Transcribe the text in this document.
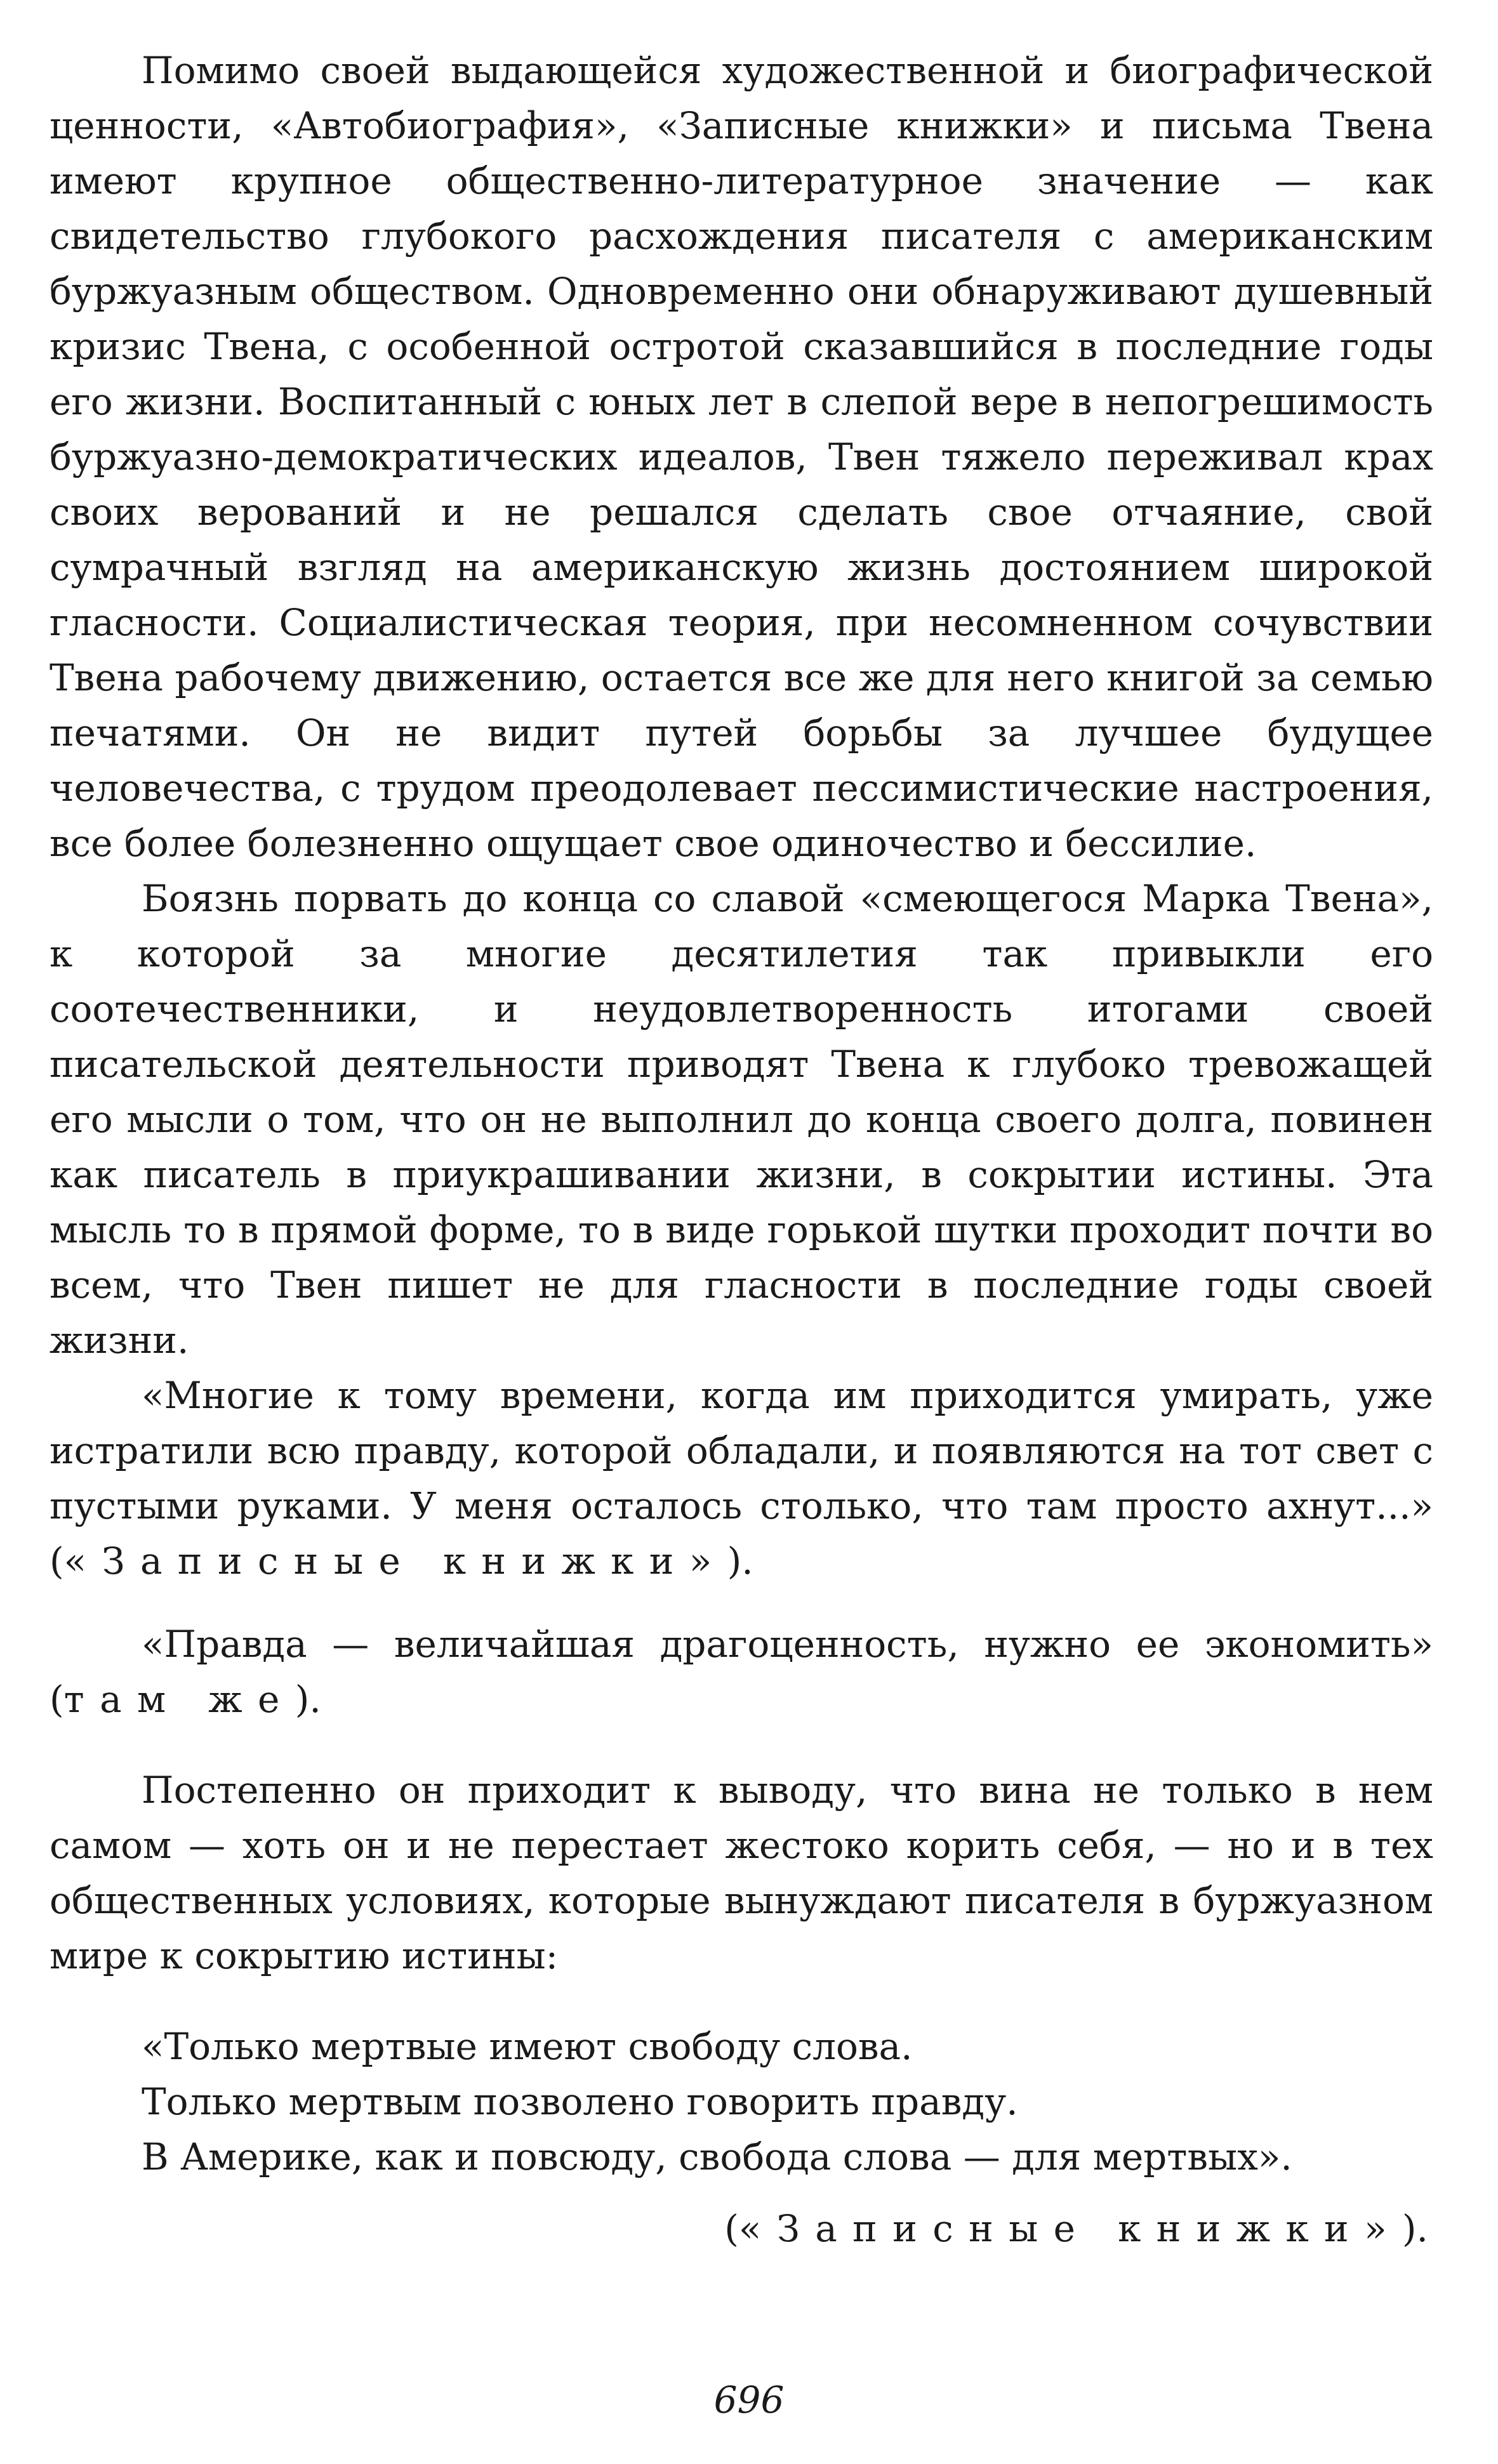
Помимо своей выдающейся художественной и биографической ценности, «Автобиография», «Записные книжки» и письма Твена имеют крупное общественно-литературное значение — как свидетельство глубокого расхождения писателя с американским буржуазным обществом. Одновременно они обнаруживают душевный кризис Твена, с особенной остротой сказавшийся в последние годы его жизни. Воспитанный с юных лет в слепой вере в непогрешимость буржуазно-демократических идеалов, Твен тяжело переживал крах своих верований и не решался сделать свое отчаяние, свой сумрачный взгляд на американскую жизнь достоянием широкой гласности. Социалистическая теория, при несомненном сочувствии Твена рабочему движению, остается все же для него книгой за семью печатями. Он не видит путей борьбы за лучшее будущее человечества, с трудом преодолевает пессимистические настроения, все более болезненно ощущает свое одиночество и бессилие.

Боязнь порвать до конца со славой «смеющегося Марка Твена», к которой за многие десятилетия так привыкли его соотечественники, и неудовлетворенность итогами своей писательской деятельности приводят Твена к глубоко тревожащей его мысли о том, что он не выполнил до конца своего долга, повинен как писатель в приукрашивании жизни, в сокрытии истины. Эта мысль то в прямой форме, то в виде горькой шутки проходит почти во всем, что Твен пишет не для гласности в последние годы своей жизни.

«Многие к тому времени, когда им приходится умирать, уже истратили всю правду, которой обладали, и появляются на тот свет с пустыми руками. У меня осталось столько, что там просто ахнут...» («Записные книжки»).

«Правда — величайшая драгоценность, нужно ее экономить» (там же).

Постепенно он приходит к выводу, что вина не только в нем самом — хоть он и не перестает жестоко корить себя, — но и в тех общественных условиях, которые вынуждают писателя в буржуазном мире к сокрытию истины:

«Только мертвые имеют свободу слова.
Только мертвым позволено говорить правду.
В Америке, как и повсюду, свобода слова — для мертвых».
(«Записные книжки»).
696
